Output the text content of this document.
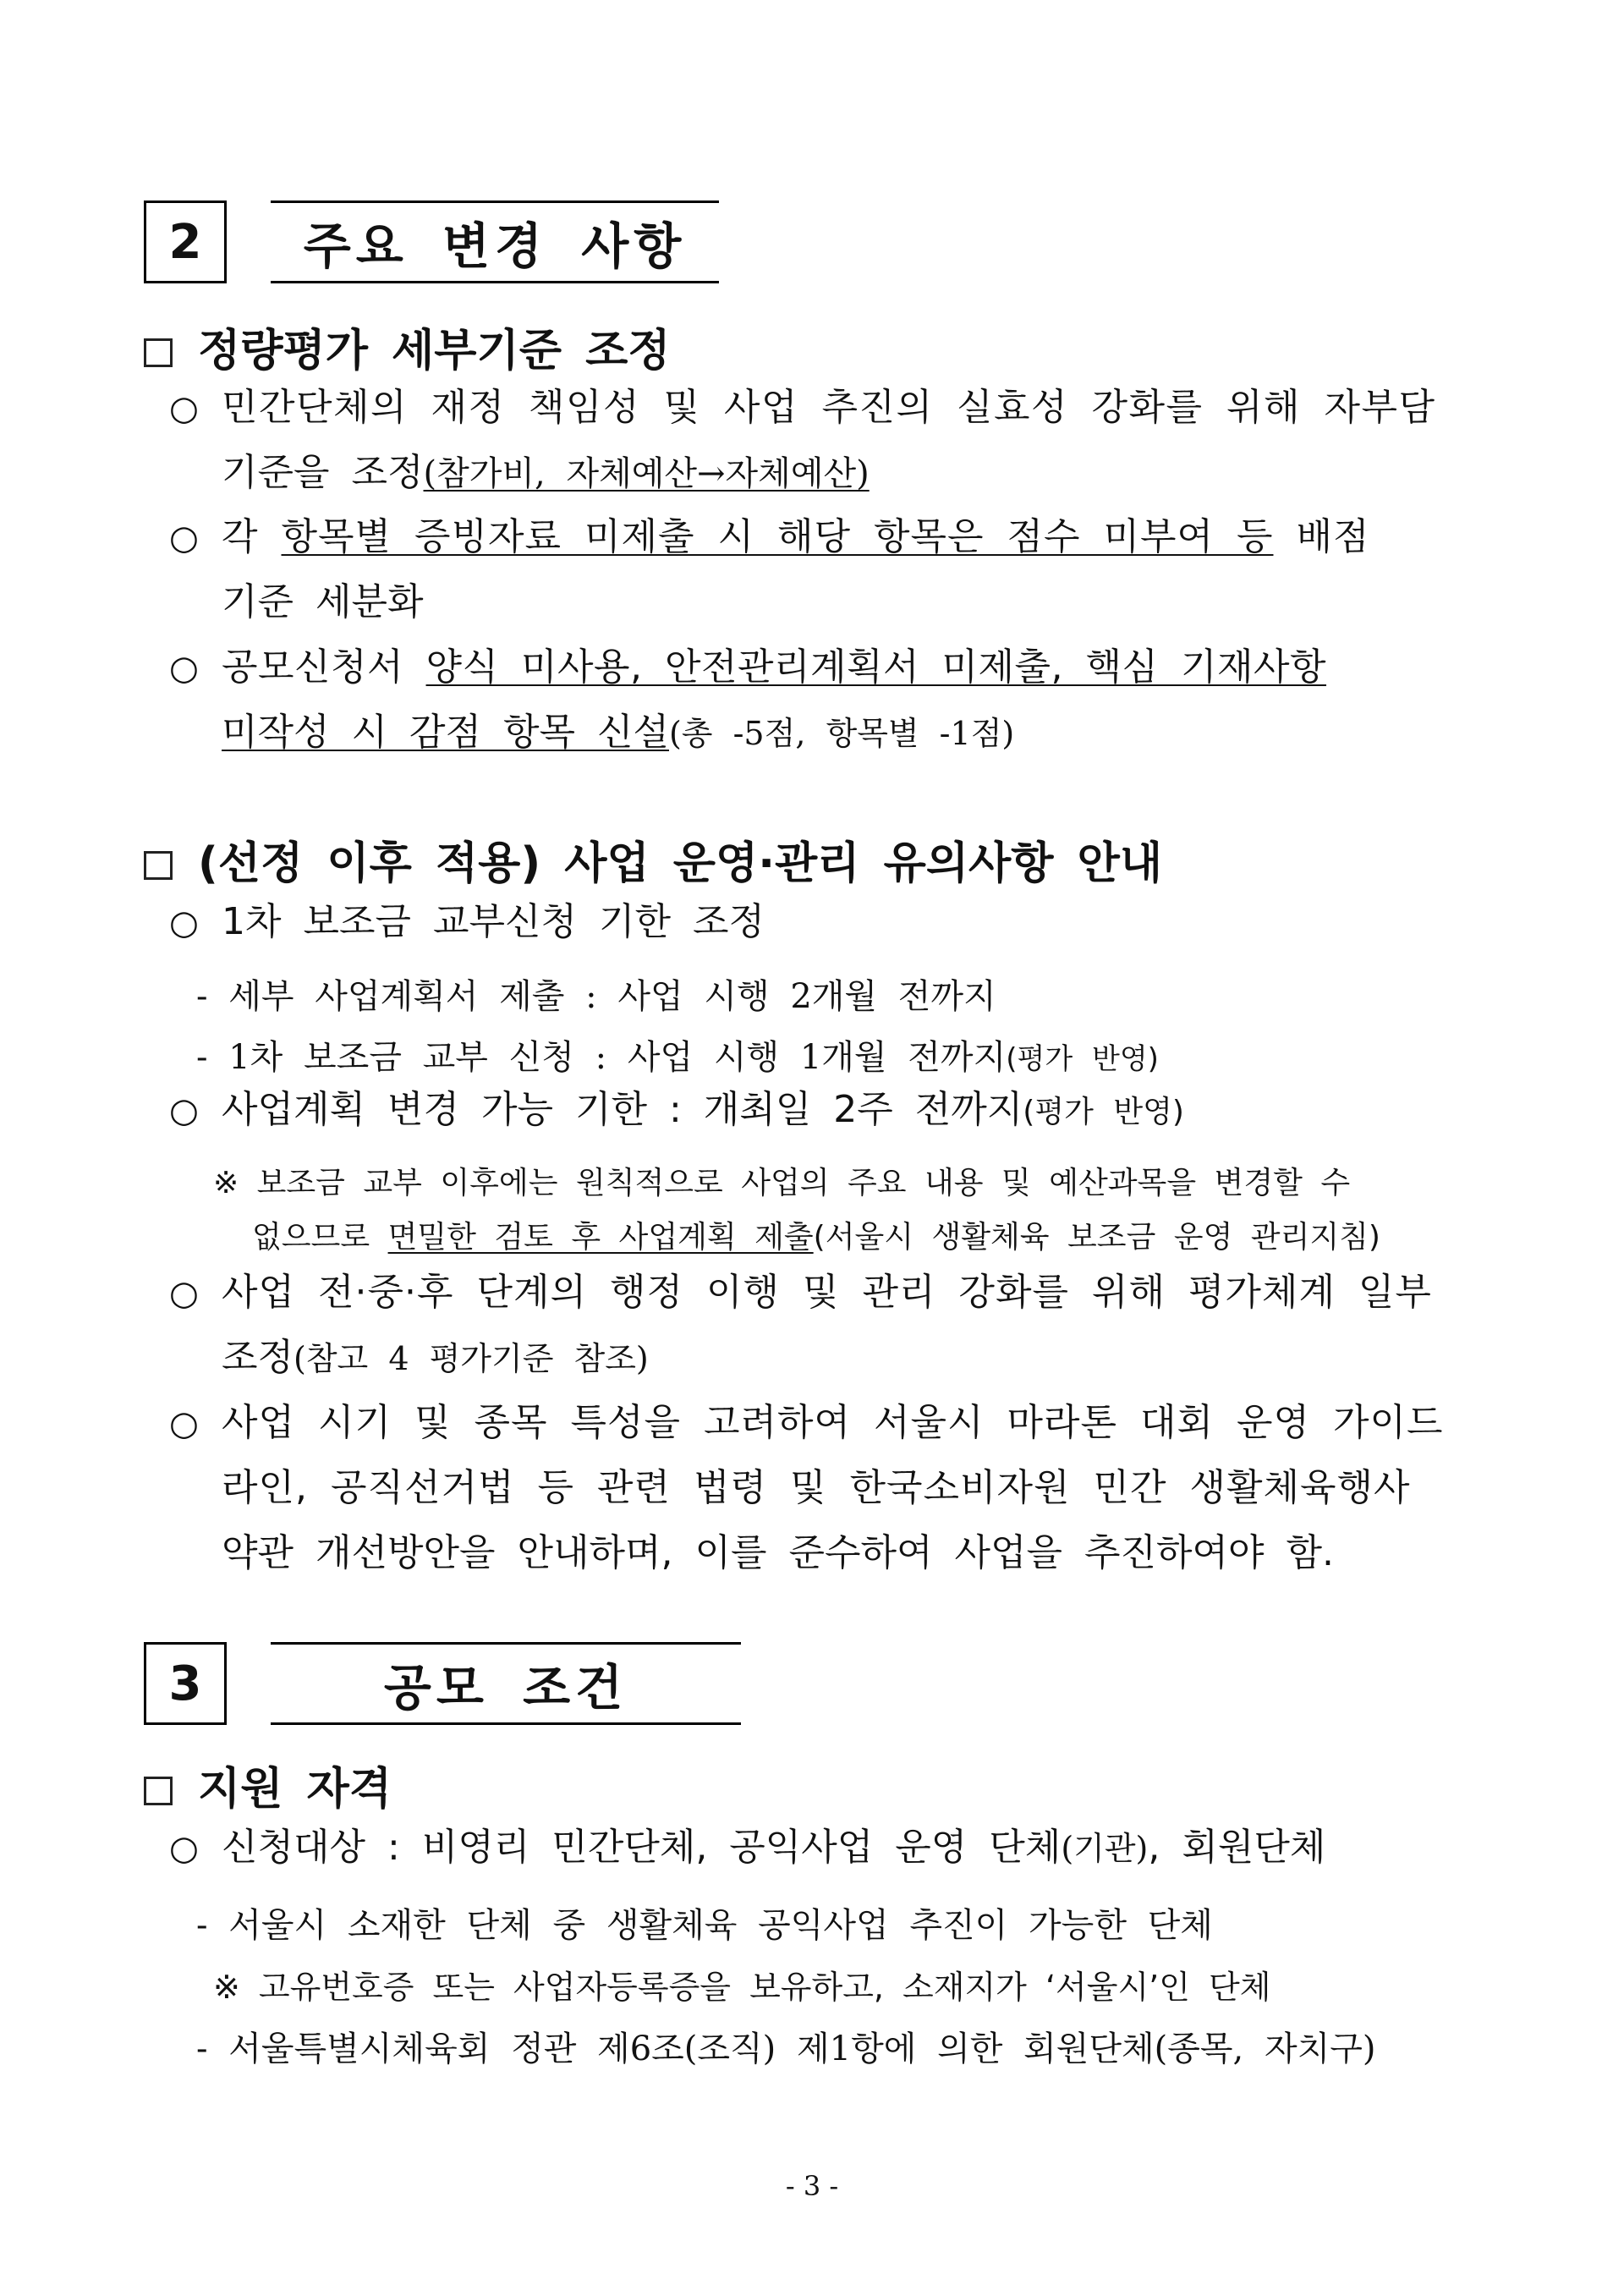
2	주요 변경 사항
정량평가 세부기준 조정
○ 민간단체의 재정 책임성 및 사업 추진의 실효성 강화를 위해 자부담
기준을 조정(참가비, 자체예산→자체예산)
○ 각 항목별 증빙자료 미제출 시 해당 항목은 점수 미부여 등 배점
기준 세분화
○ 공모신청서 양식 미사용, 안전관리계획서 미제출, 핵심 기재사항
미작성 시 감점 항목 신설(총 -5점, 항목별 -1점)
(선정 이후 적용) 사업 운영·관리 유의사항 안내
○ 1차 보조금 교부신청 기한 조정
- 세부 사업계획서 제출 : 사업 시행 2개월 전까지
- 1차 보조금 교부 신청 : 사업 시행 1개월 전까지(평가 반영)
○ 사업계획 변경 가능 기한 : 개최일 2주 전까지(평가 반영)
※ 보조금 교부 이후에는 원칙적으로 사업의 주요 내용 및 예산과목을 변경할 수
없으므로 면밀한 검토 후 사업계획 제출(서울시 생활체육 보조금 운영 관리지침)
○ 사업 전·중·후 단계의 행정 이행 및 관리 강화를 위해 평가체계 일부
조정(참고 4 평가기준 참조)
○ 사업 시기 및 종목 특성을 고려하여 서울시 마라톤 대회 운영 가이드
라인, 공직선거법 등 관련 법령 및 한국소비자원 민간 생활체육행사
약관 개선방안을 안내하며, 이를 준수하여 사업을 추진하여야 함.
3	공모 조건
지원 자격
○ 신청대상 : 비영리 민간단체, 공익사업 운영 단체(기관), 회원단체
- 서울시 소재한 단체 중 생활체육 공익사업 추진이 가능한 단체
※ 고유번호증 또는 사업자등록증을 보유하고, 소재지가 ‘서울시’인 단체
- 서울특별시체육회 정관 제6조(조직) 제1항에 의한 회원단체(종목, 자치구)
- 3 -
